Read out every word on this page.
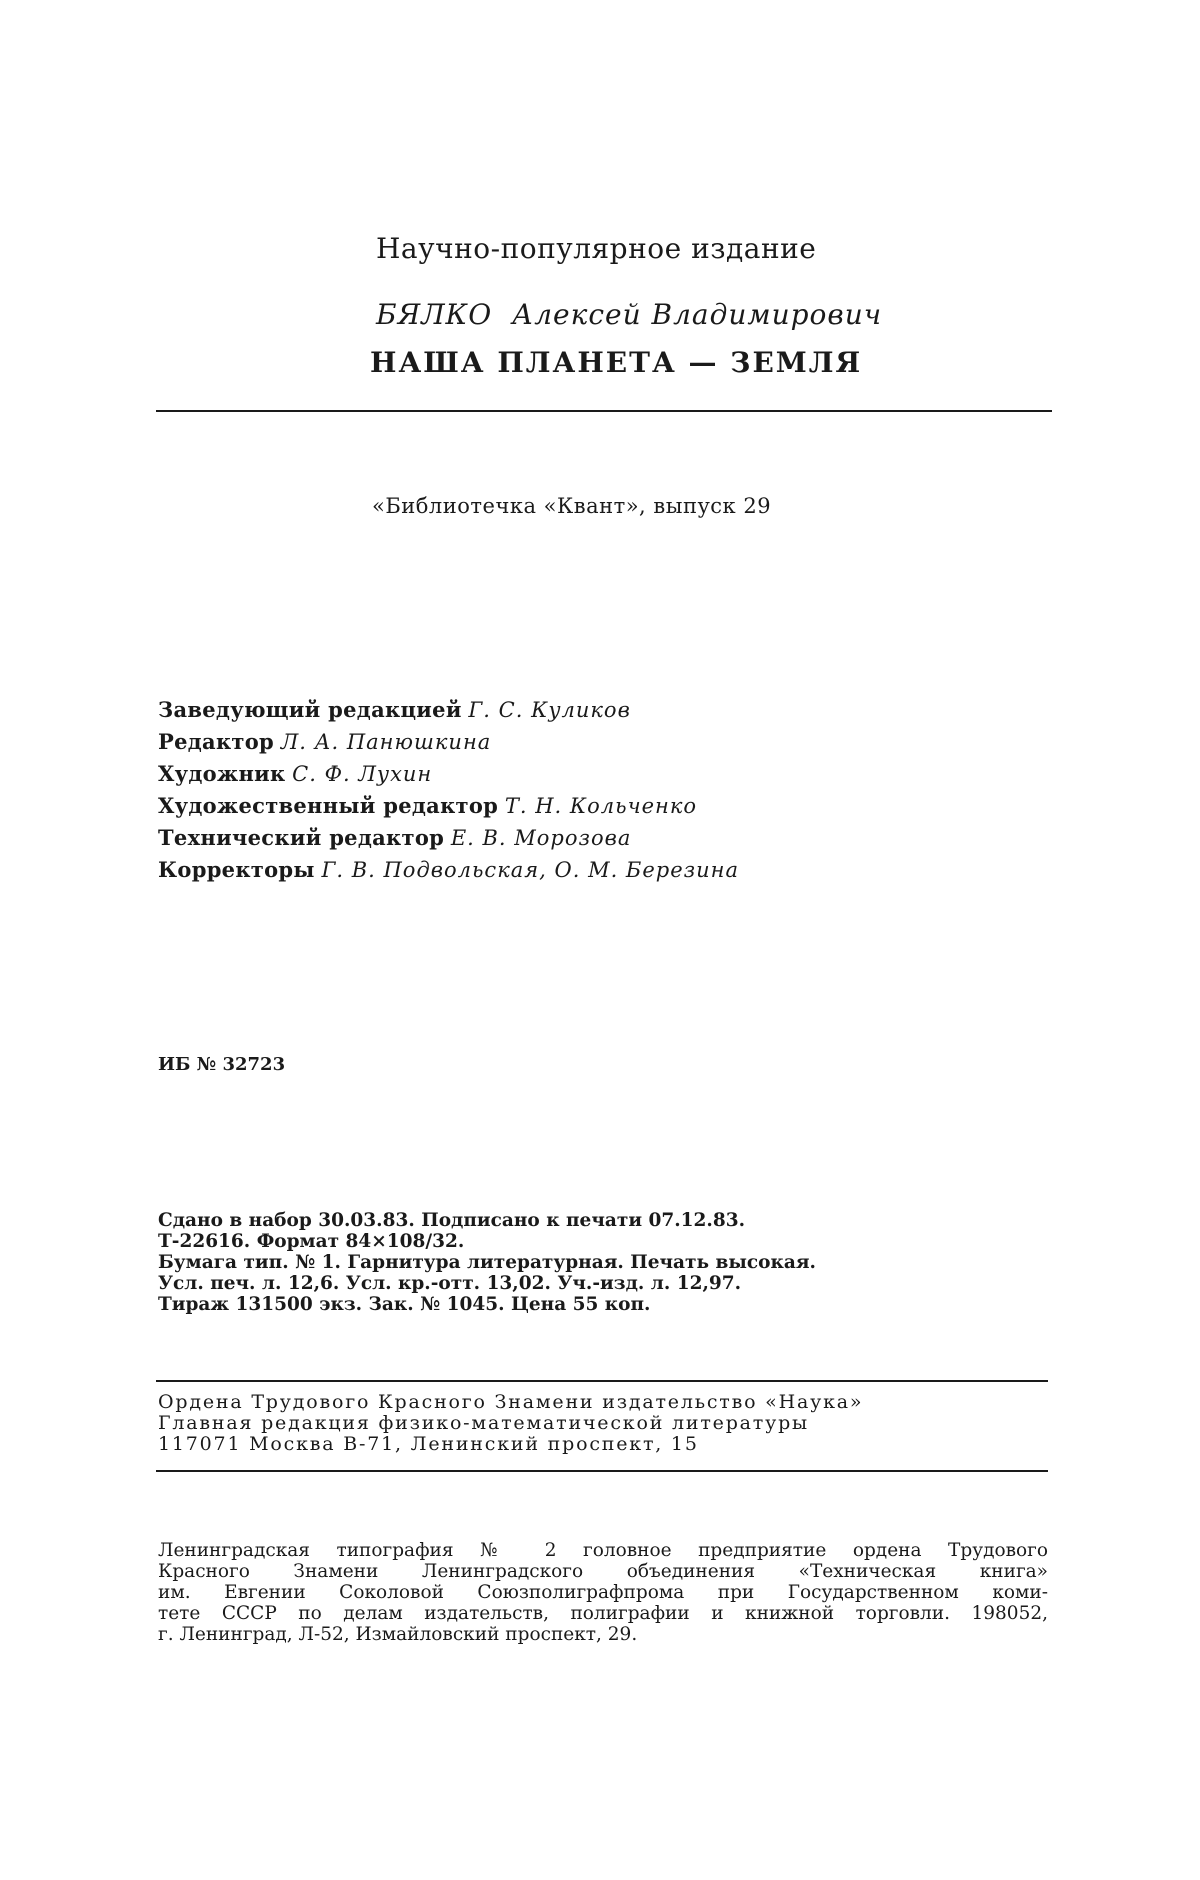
Научно-популярное издание

БЯЛКО Алексей Владимирович

НАША ПЛАНЕТА — ЗЕМЛЯ

«Библиотечка «Квант», выпуск 29

Заведующий редакцией Г. С. Куликов
Редактор Л. А. Панюшкина
Художник С. Ф. Лухин
Художественный редактор Т. Н. Кольченко
Технический редактор Е. В. Морозова
Корректоры Г. В. Подвольская, О. М. Березина

ИБ № 32723

Сдано в набор 30.03.83. Подписано к печати 07.12.83.
Т-22616. Формат 84×108/32.
Бумага тип. № 1. Гарнитура литературная. Печать высокая.
Усл. печ. л. 12,6. Усл. кр.-отт. 13,02. Уч.-изд. л. 12,97.
Тираж 131500 экз. Зак. № 1045. Цена 55 коп.
Ордена Трудового Красного Знамени издательство «Наука»
Главная редакция физико-математической литературы
117071 Москва В-71, Ленинский проспект, 15
Ленинградская типография № 2 головное предприятие ордена Трудового
Красного Знамени Ленинградского объединения «Техническая книга»
им. Евгении Соколовой Союзполиграфпрома при Государственном коми-
тете СССР по делам издательств, полиграфии и книжной торговли. 198052,
г. Ленинград, Л-52, Измайловский проспект, 29.
